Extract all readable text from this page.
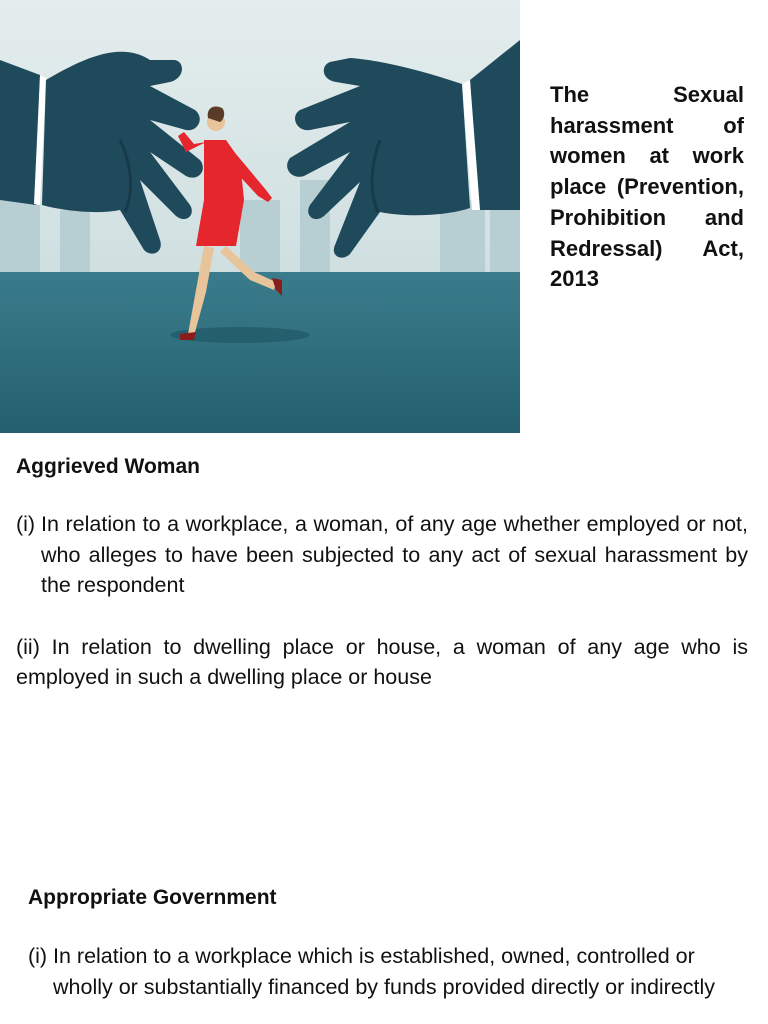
The Sexual harassment of women at work place (Prevention, Prohibition and Redressal) Act, 2013

Aggrieved Woman

(i) In relation to a workplace, a woman, of any age whether employed or not, who alleges to have been subjected to any act of sexual harassment by the respondent

(ii) In relation to dwelling place or house, a woman of any age who is employed in such a dwelling place or house

Appropriate Government

(i) In relation to a workplace which is established, owned, controlled or wholly or substantially financed by funds provided directly or indirectly
